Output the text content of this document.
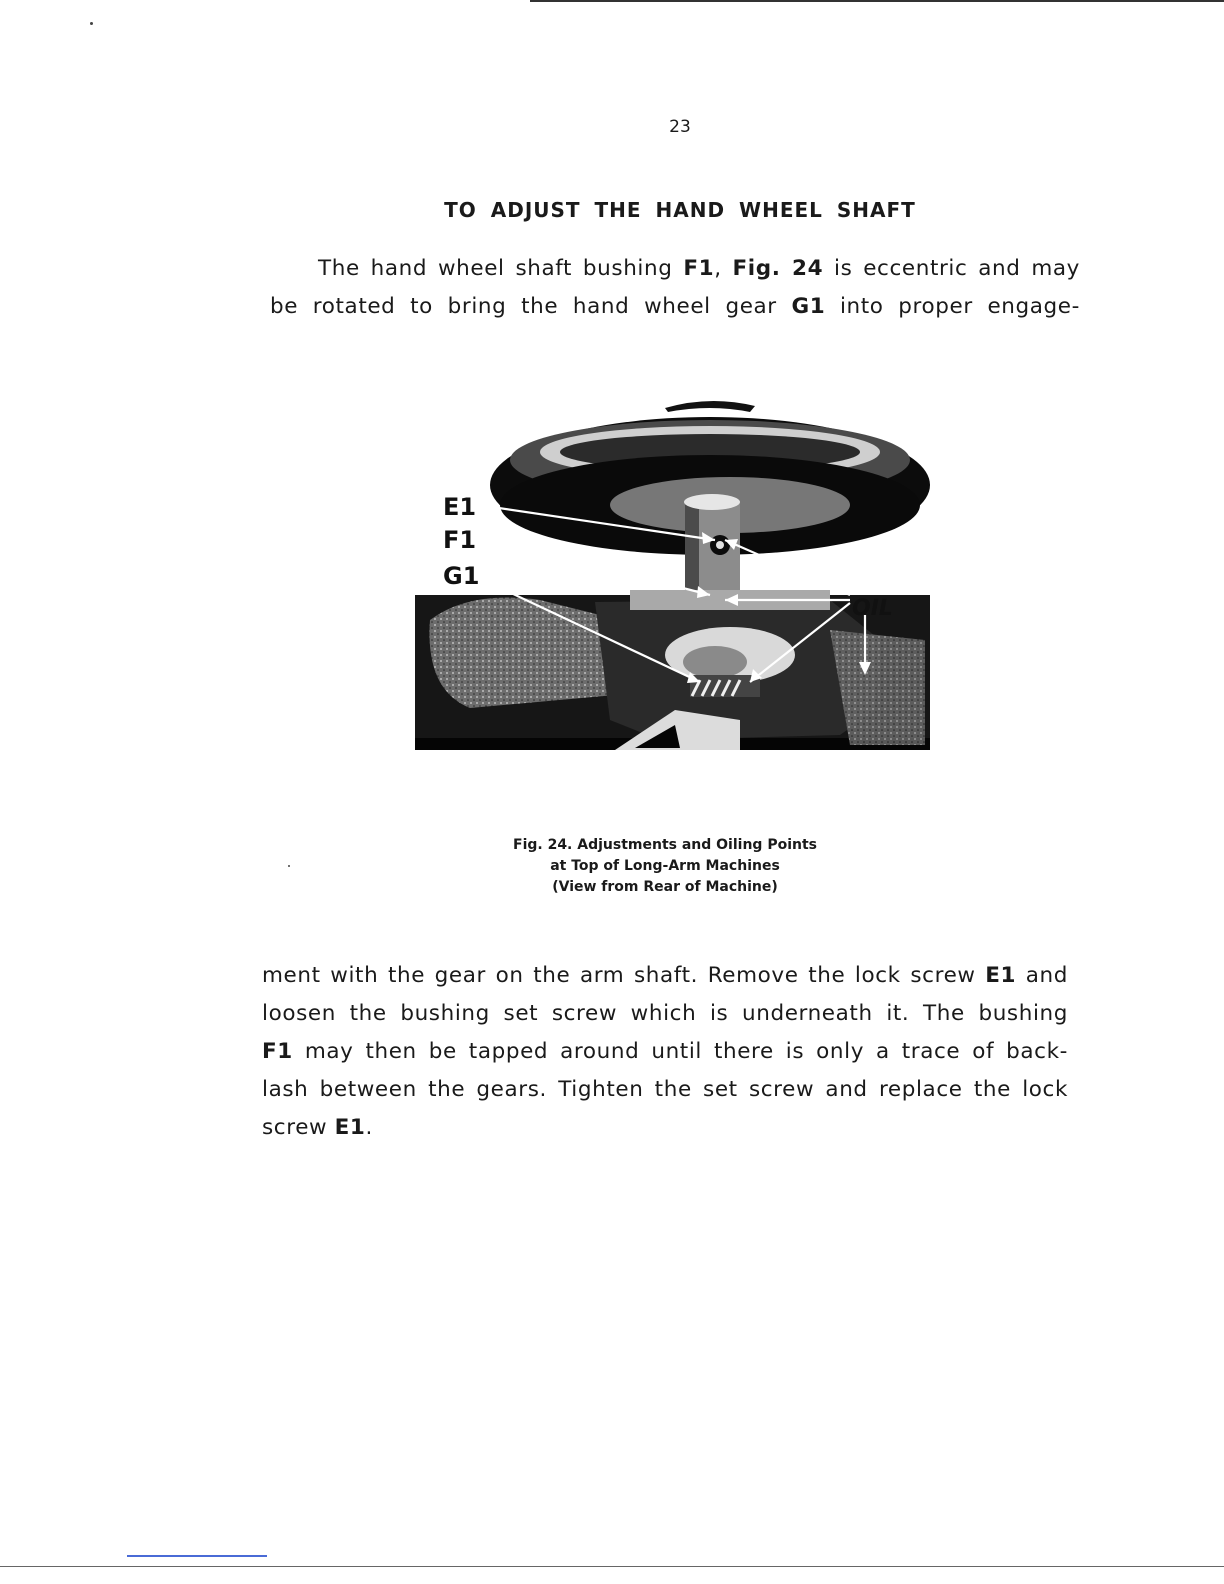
23
TO ADJUST THE HAND WHEEL SHAFT
The hand wheel shaft bushing F1, Fig. 24 is eccentric and may
be rotated to bring the hand wheel gear G1 into proper engage-
E1
F1
G1
OIL
Fig. 24. Adjustments and Oiling Points
at Top of Long-Arm Machines
(View from Rear of Machine)
ment with the gear on the arm shaft. Remove the lock screw E1 and
loosen the bushing set screw which is underneath it. The bushing
F1 may then be tapped around until there is only a trace of back-
lash between the gears. Tighten the set screw and replace the lock
screw E1.
